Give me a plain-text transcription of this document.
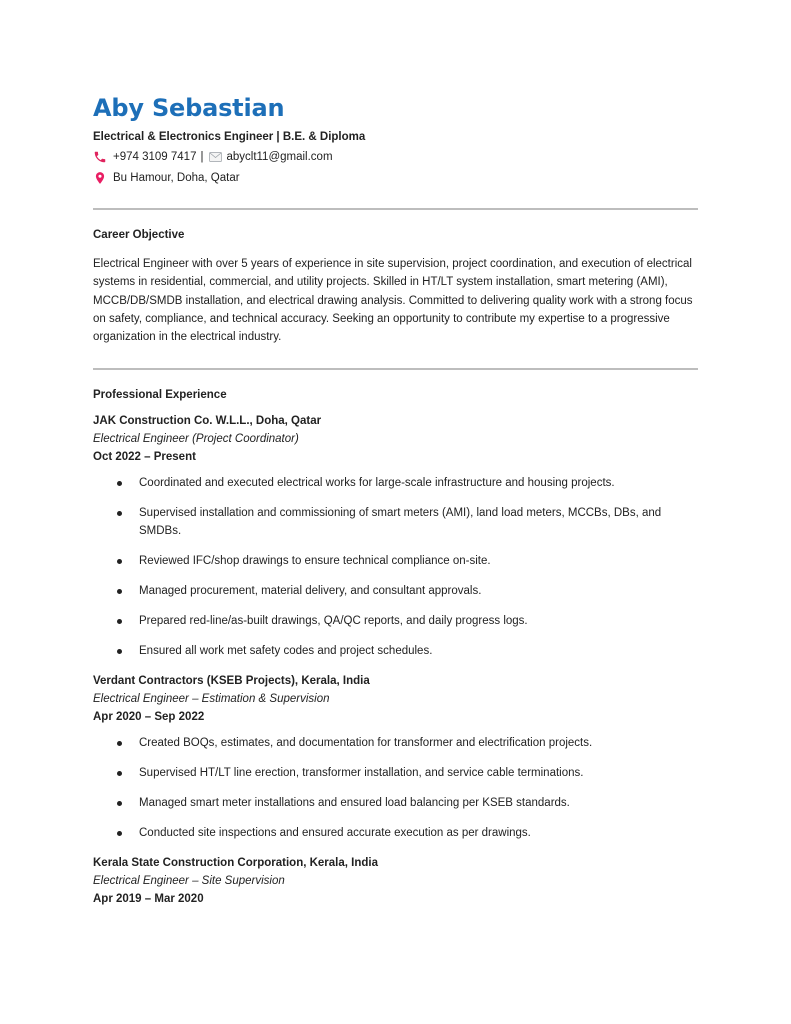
Aby Sebastian
Electrical & Electronics Engineer | B.E. & Diploma
+974 3109 7417 | abyclt11@gmail.com
Bu Hamour, Doha, Qatar
Career Objective
Electrical Engineer with over 5 years of experience in site supervision, project coordination, and execution of electrical systems in residential, commercial, and utility projects. Skilled in HT/LT system installation, smart metering (AMI), MCCB/DB/SMDB installation, and electrical drawing analysis. Committed to delivering quality work with a strong focus on safety, compliance, and technical accuracy. Seeking an opportunity to contribute my expertise to a progressive organization in the electrical industry.
Professional Experience
JAK Construction Co. W.L.L., Doha, Qatar
Electrical Engineer (Project Coordinator)
Oct 2022 – Present
Coordinated and executed electrical works for large-scale infrastructure and housing projects.
Supervised installation and commissioning of smart meters (AMI), land load meters, MCCBs, DBs, and SMDBs.
Reviewed IFC/shop drawings to ensure technical compliance on-site.
Managed procurement, material delivery, and consultant approvals.
Prepared red-line/as-built drawings, QA/QC reports, and daily progress logs.
Ensured all work met safety codes and project schedules.
Verdant Contractors (KSEB Projects), Kerala, India
Electrical Engineer – Estimation & Supervision
Apr 2020 – Sep 2022
Created BOQs, estimates, and documentation for transformer and electrification projects.
Supervised HT/LT line erection, transformer installation, and service cable terminations.
Managed smart meter installations and ensured load balancing per KSEB standards.
Conducted site inspections and ensured accurate execution as per drawings.
Kerala State Construction Corporation, Kerala, India
Electrical Engineer – Site Supervision
Apr 2019 – Mar 2020
